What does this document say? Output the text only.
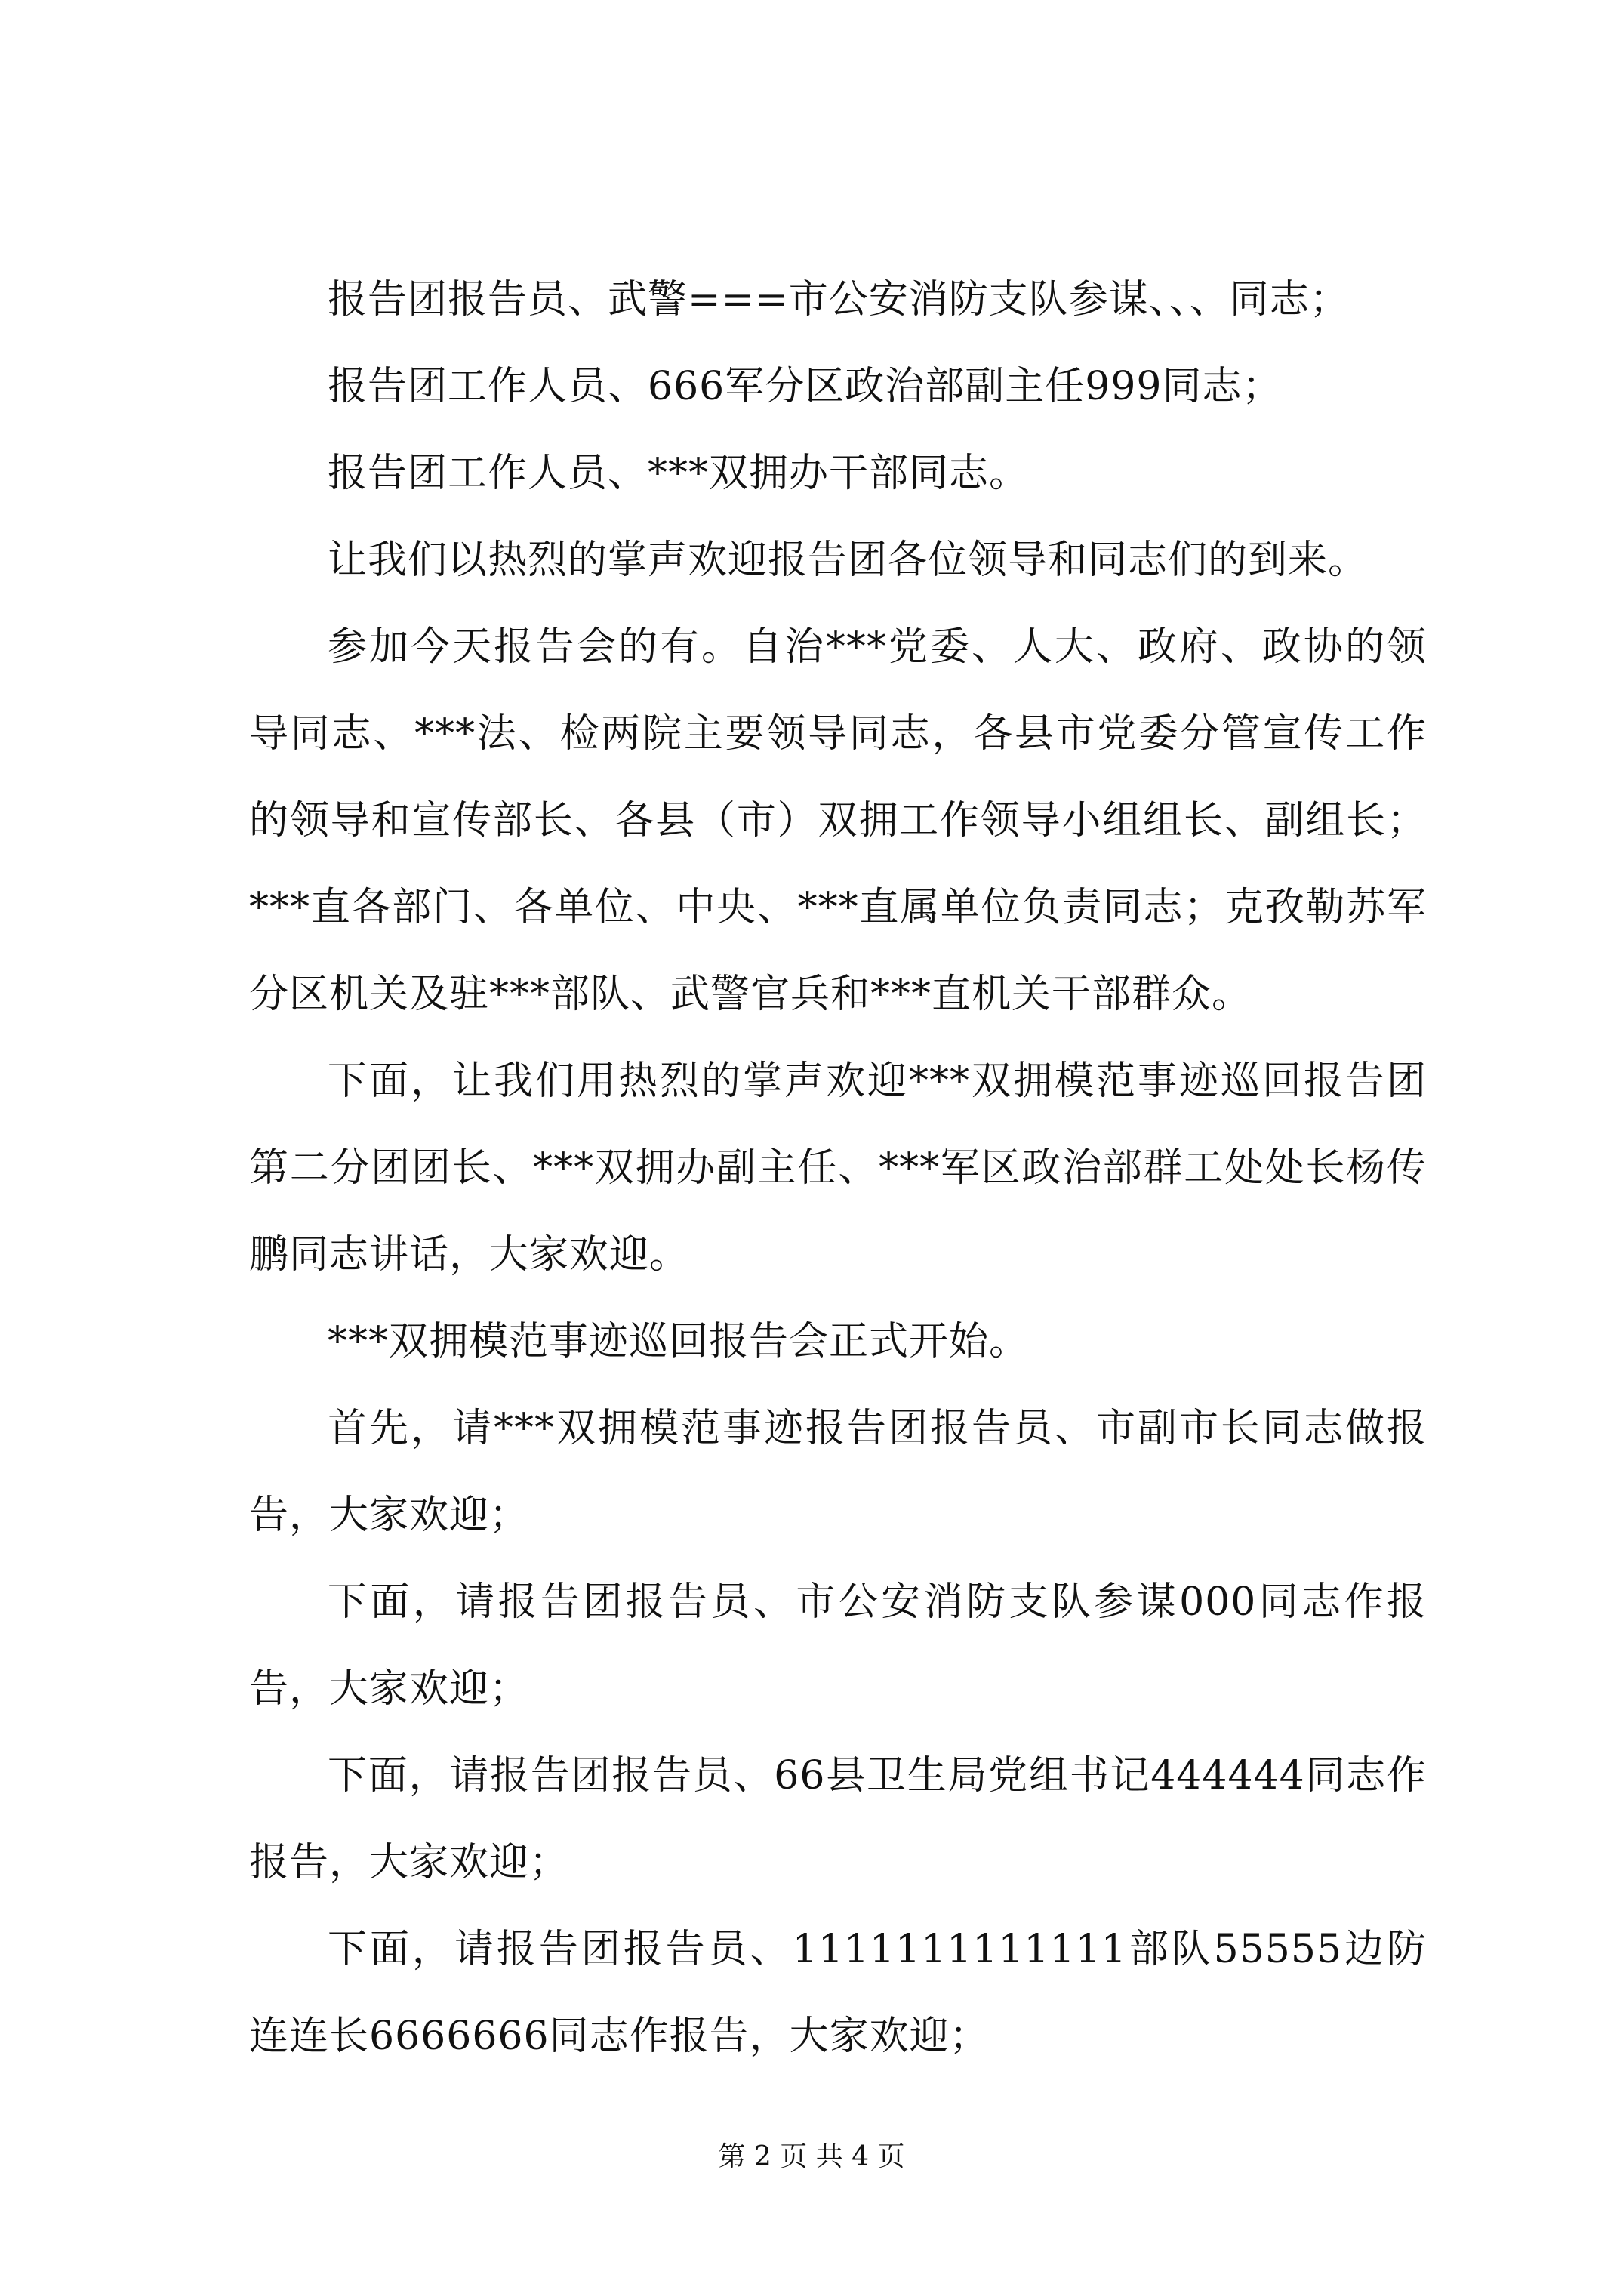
报告团报告员、武警===市公安消防支队参谋、、、同志；

报告团工作人员、666军分区政治部副主任999同志；

报告团工作人员、***双拥办干部同志。

让我们以热烈的掌声欢迎报告团各位领导和同志们的到来。

参加今天报告会的有。自治***党委、人大、政府、政协的领导同志、***法、检两院主要领导同志，各县市党委分管宣传工作的领导和宣传部长、各县（市）双拥工作领导小组组长、副组长；***直各部门、各单位、中央、***直属单位负责同志；克孜勒苏军分区机关及驻***部队、武警官兵和***直机关干部群众。

下面，让我们用热烈的掌声欢迎***双拥模范事迹巡回报告团第二分团团长、***双拥办副主任、***军区政治部群工处处长杨传鹏同志讲话，大家欢迎。

***双拥模范事迹巡回报告会正式开始。

首先，请***双拥模范事迹报告团报告员、市副市长同志做报告，大家欢迎；

下面，请报告团报告员、市公安消防支队参谋000同志作报告，大家欢迎；

下面，请报告团报告员、66县卫生局党组书记444444同志作报告，大家欢迎；

下面，请报告团报告员、1111111111111部队55555边防连连长6666666同志作报告，大家欢迎；

第 2 页 共 4 页
